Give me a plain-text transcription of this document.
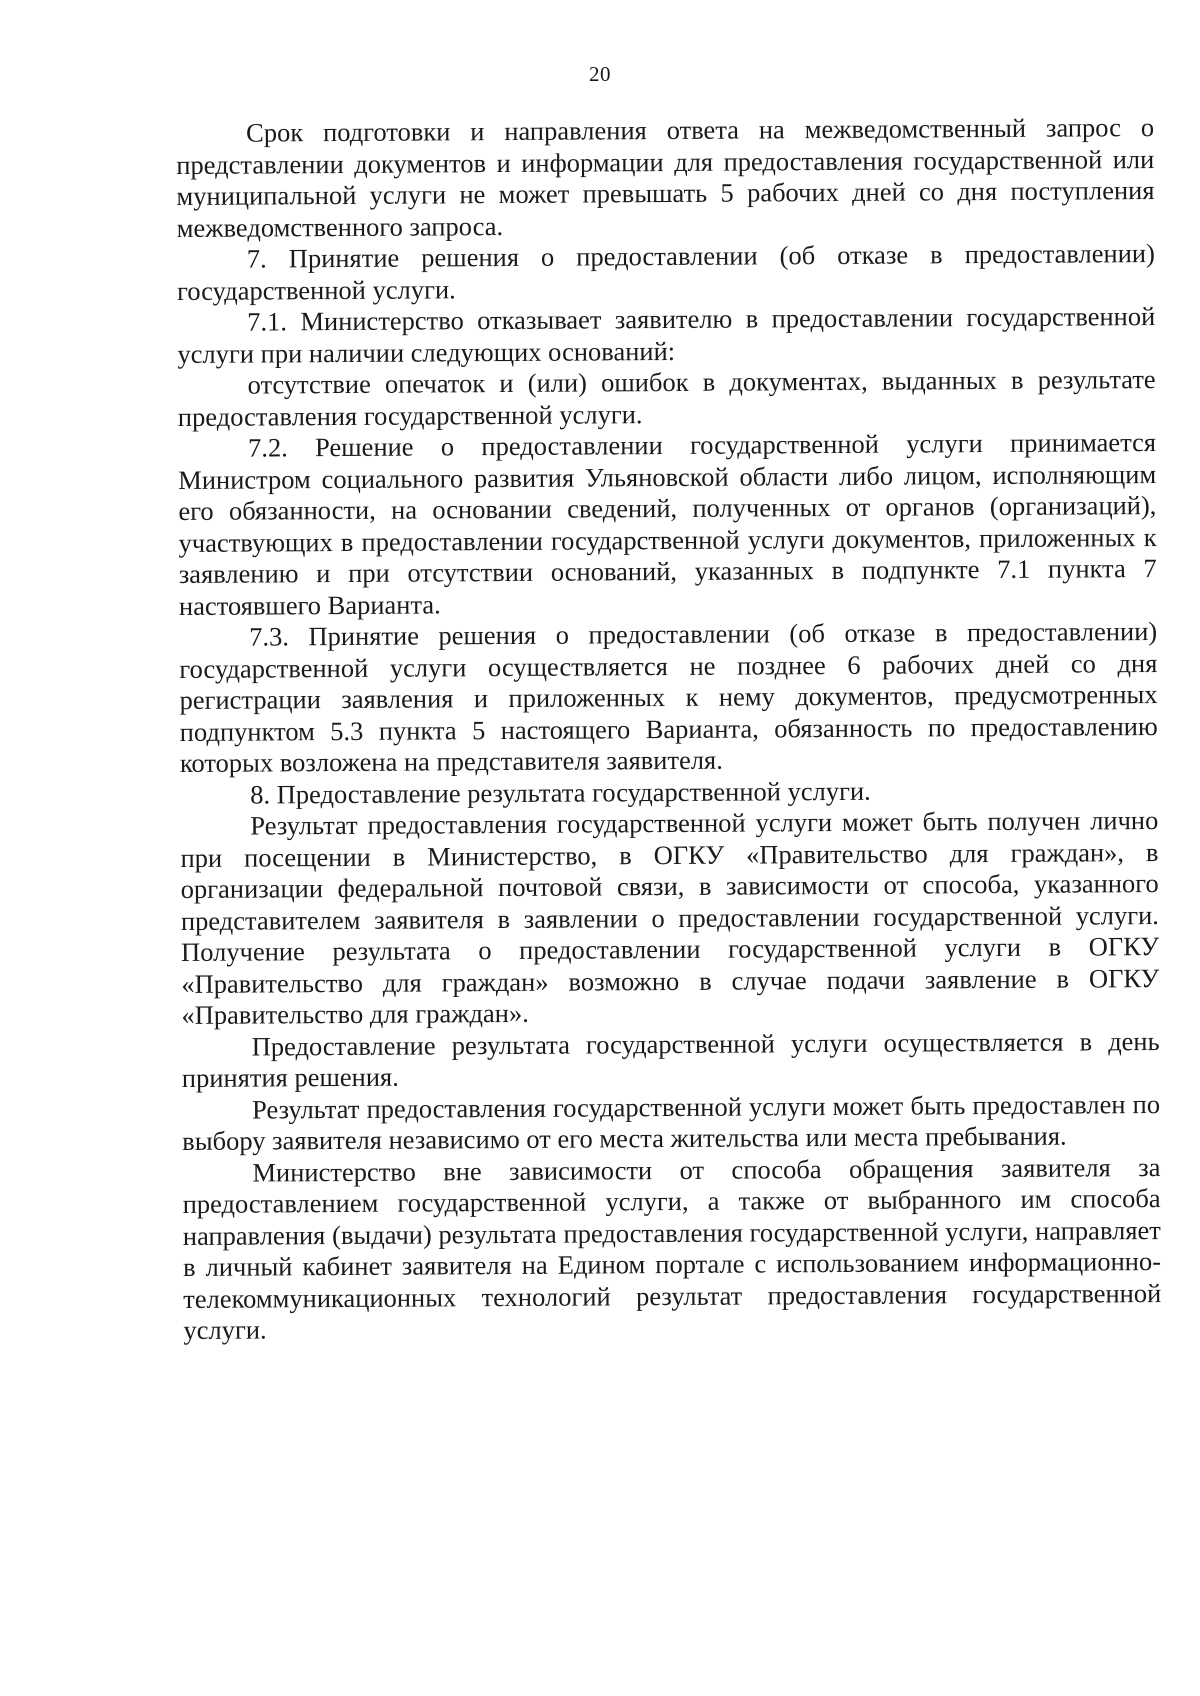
20

Срок подготовки и направления ответа на межведомственный запрос о представлении документов и информации для предоставления государственной или муниципальной услуги не может превышать 5 рабочих дней со дня поступления межведомственного запроса.

7. Принятие решения о предоставлении (об отказе в предоставлении) государственной услуги.

7.1. Министерство отказывает заявителю в предоставлении государственной услуги при наличии следующих оснований:

отсутствие опечаток и (или) ошибок в документах, выданных в результате предоставления государственной услуги.

7.2. Решение о предоставлении государственной услуги принимается Министром социального развития Ульяновской области либо лицом, исполняющим его обязанности, на основании сведений, полученных от органов (организаций), участвующих в предоставлении государственной услуги документов, приложенных к заявлению и при отсутствии оснований, указанных в подпункте 7.1 пункта 7 настоявшего Варианта.

7.3. Принятие решения о предоставлении (об отказе в предоставлении) государственной услуги осуществляется не позднее 6 рабочих дней со дня регистрации заявления и приложенных к нему документов, предусмотренных подпунктом 5.3 пункта 5 настоящего Варианта, обязанность по предоставлению которых возложена на представителя заявителя.

8. Предоставление результата государственной услуги.

Результат предоставления государственной услуги может быть получен лично при посещении в Министерство, в ОГКУ «Правительство для граждан», в организации федеральной почтовой связи, в зависимости от способа, указанного представителем заявителя в заявлении о предоставлении государственной услуги. Получение результата о предоставлении государственной услуги в ОГКУ «Правительство для граждан» возможно в случае подачи заявление в ОГКУ «Правительство для граждан».

Предоставление результата государственной услуги осуществляется в день принятия решения.

Результат предоставления государственной услуги может быть предоставлен по выбору заявителя независимо от его места жительства или места пребывания.

Министерство вне зависимости от способа обращения заявителя за предоставлением государственной услуги, а также от выбранного им способа направления (выдачи) результата предоставления государственной услуги, направляет в личный кабинет заявителя на Едином портале с использованием информационно-телекоммуникационных технологий результат предоставления государственной услуги.
